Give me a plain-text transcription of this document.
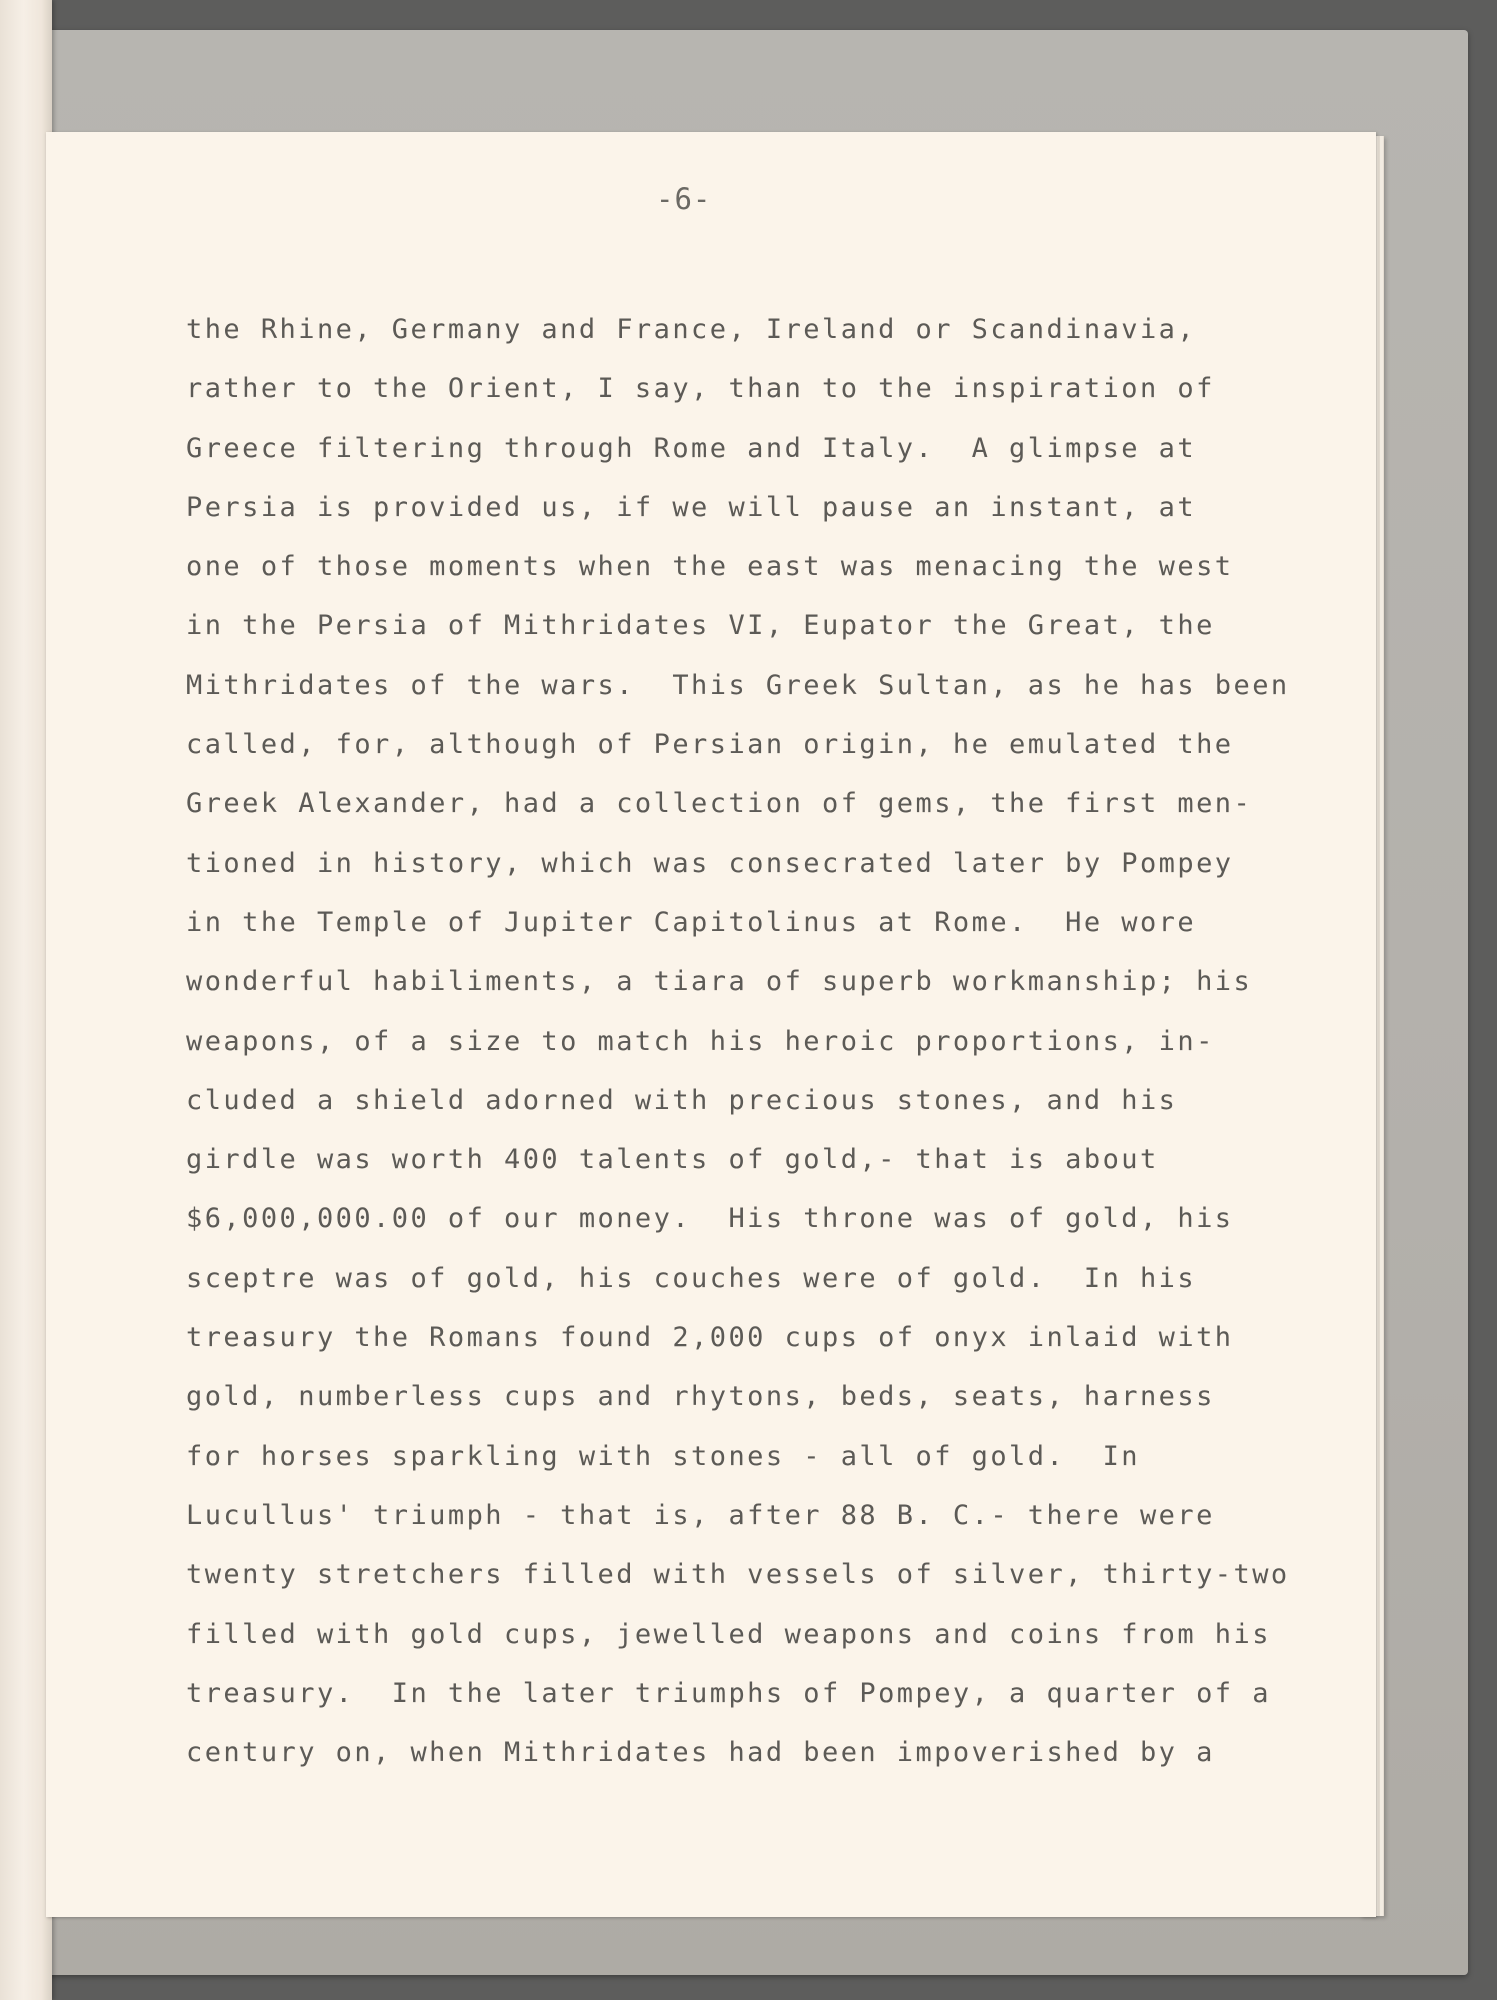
-6-
the Rhine, Germany and France, Ireland or Scandinavia,
rather to the Orient, I say, than to the inspiration of
Greece filtering through Rome and Italy.  A glimpse at
Persia is provided us, if we will pause an instant, at
one of those moments when the east was menacing the west
in the Persia of Mithridates VI, Eupator the Great, the
Mithridates of the wars.  This Greek Sultan, as he has been
called, for, although of Persian origin, he emulated the
Greek Alexander, had a collection of gems, the first men-
tioned in history, which was consecrated later by Pompey
in the Temple of Jupiter Capitolinus at Rome.  He wore
wonderful habiliments, a tiara of superb workmanship; his
weapons, of a size to match his heroic proportions, in-
cluded a shield adorned with precious stones, and his
girdle was worth 400 talents of gold,- that is about
$6,000,000.00 of our money.  His throne was of gold, his
sceptre was of gold, his couches were of gold.  In his
treasury the Romans found 2,000 cups of onyx inlaid with
gold, numberless cups and rhytons, beds, seats, harness
for horses sparkling with stones - all of gold.  In
Lucullus' triumph - that is, after 88 B. C.- there were
twenty stretchers filled with vessels of silver, thirty-two
filled with gold cups, jewelled weapons and coins from his
treasury.  In the later triumphs of Pompey, a quarter of a
century on, when Mithridates had been impoverished by a
